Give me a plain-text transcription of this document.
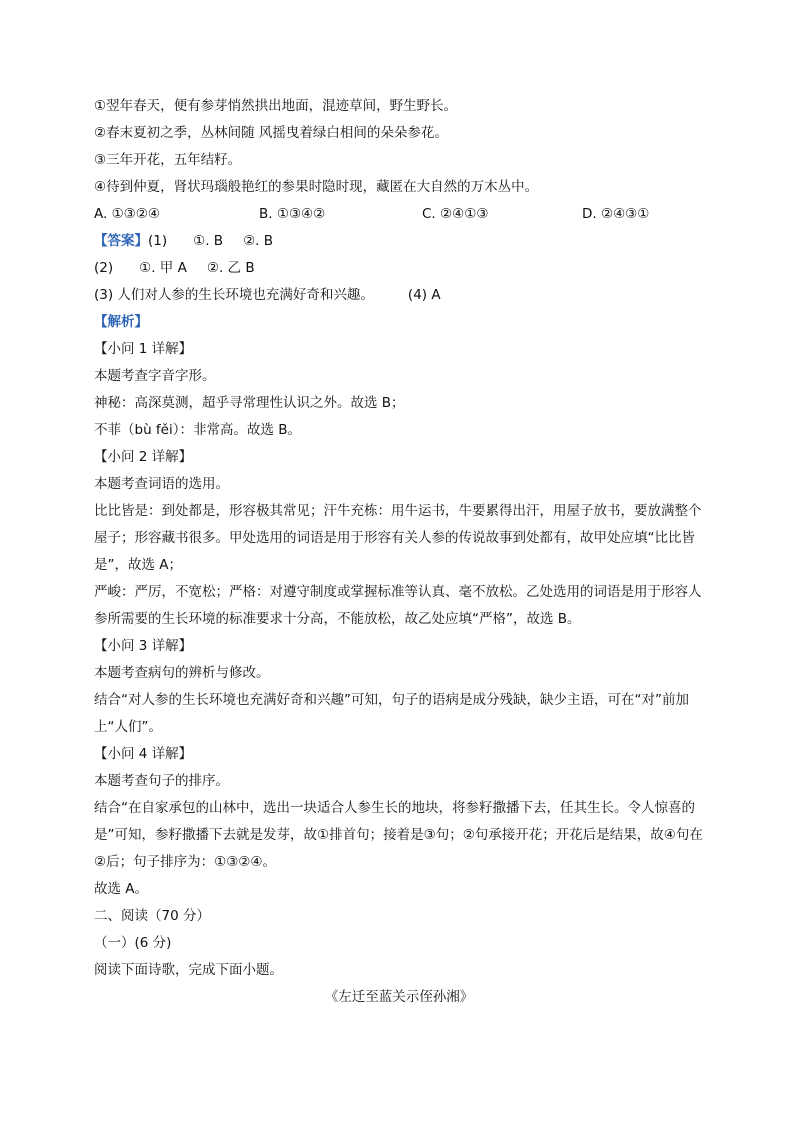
①翌年春天，便有参芽悄然拱出地面，混迹草间，野生野长。
②春末夏初之季，丛林间随 风摇曳着绿白相间的朵朵参花。
③三年开花，五年结籽。
④待到仲夏，肾状玛瑙般艳红的参果时隐时现，藏匿在大自然的万木丛中。
A. ①③②④	B. ①③④②	C. ②④①③	D. ②④③①
【答案】(1) ①. B ②. B
(2) ①. 甲 A ②. 乙 B
(3) 人们对人参的生长环境也充满好奇和兴趣。	(4) A
【解析】
【小问 1 详解】
本题考查字音字形。
神秘：高深莫测，超乎寻常理性认识之外。故选 B；
不菲（bù fěi）：非常高。故选 B。
【小问 2 详解】
本题考查词语的选用。
比比皆是：到处都是，形容极其常见；汗牛充栋：用牛运书，牛要累得出汗，用屋子放书，要放满整个屋子；形容藏书很多。甲处选用的词语是用于形容有关人参的传说故事到处都有，故甲处应填“比比皆是”，故选 A；
严峻：严厉，不宽松；严格：对遵守制度或掌握标准等认真、毫不放松。乙处选用的词语是用于形容人参所需要的生长环境的标准要求十分高，不能放松，故乙处应填“严格”，故选 B。
【小问 3 详解】
本题考查病句的辨析与修改。
结合“对人参的生长环境也充满好奇和兴趣”可知，句子的语病是成分残缺，缺少主语，可在“对”前加上“人们”。
【小问 4 详解】
本题考查句子的排序。
结合“在自家承包的山林中，选出一块适合人参生长的地块，将参籽撒播下去，任其生长。令人惊喜的是”可知，参籽撒播下去就是发芽，故①排首句；接着是③句；②句承接开花；开花后是结果，故④句在②后；句子排序为：①③②④。
故选 A。
二、阅读（70 分）
（一）(6 分)
阅读下面诗歌，完成下面小题。
《左迁至蓝关示侄孙湘》
